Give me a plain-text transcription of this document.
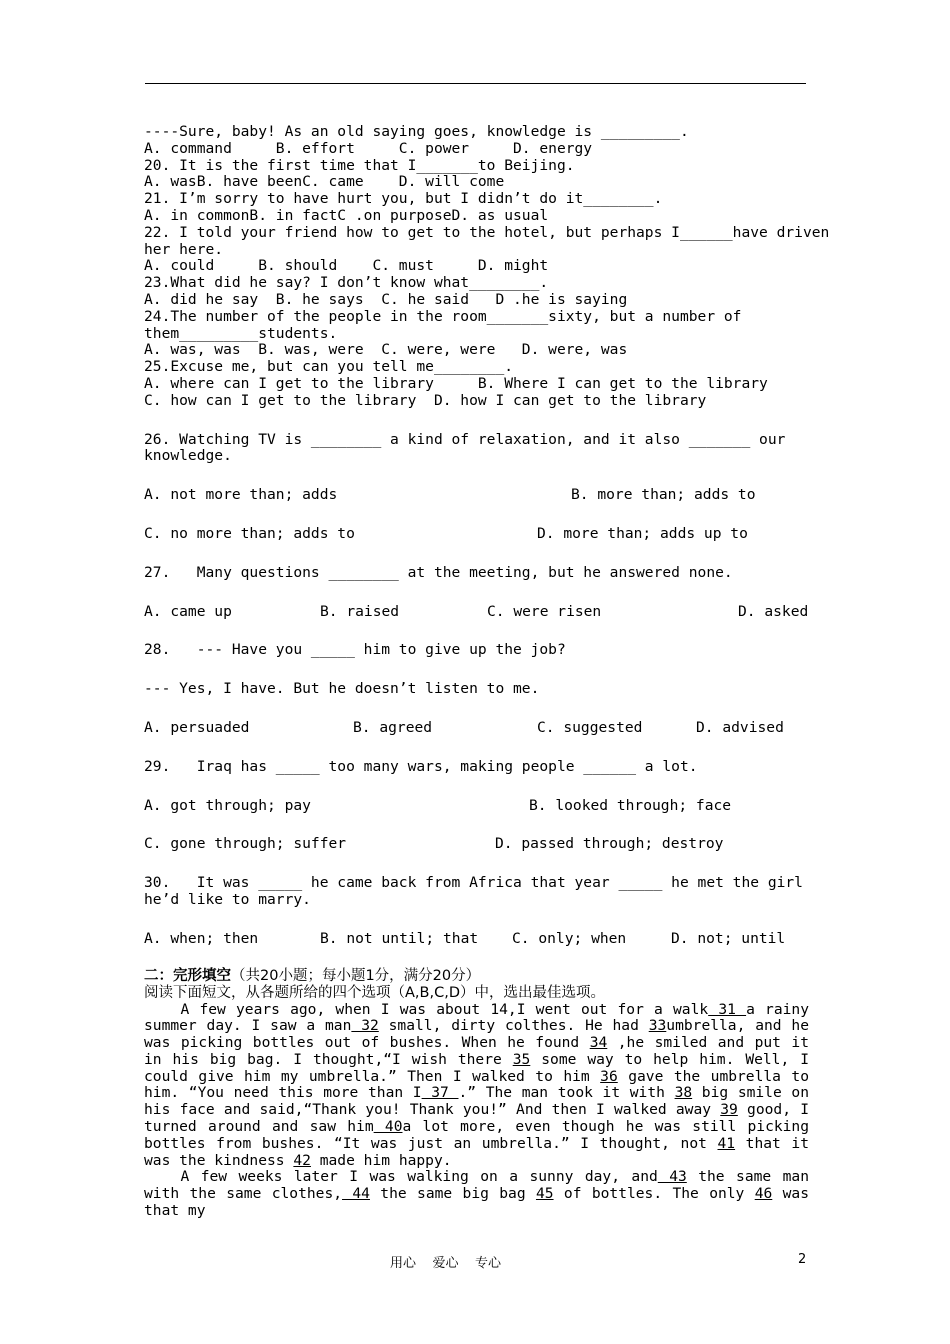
----Sure, baby! As an old saying goes, knowledge is _________.
A. command     B. effort     C. power     D. energy
20. It is the first time that I_______to Beijing.
A. wasB. have beenC. came    D. will come
21. I’m sorry to have hurt you, but I didn’t do it________.
A. in commonB. in factC .on purposeD. as usual
22. I told your friend how to get to the hotel, but perhaps I______have driven
her here.
A. could     B. should    C. must     D. might
23.What did he say? I don’t know what________.
A. did he say  B. he says  C. he said   D .he is saying
24.The number of the people in the room_______sixty, but a number of
them_________students.
A. was, was  B. was, were  C. were, were   D. were, was
25.Excuse me, but can you tell me________.
A. where can I get to the library     B. Where I can get to the library
C. how can I get to the library  D. how I can get to the library
26. Watching TV is ________ a kind of relaxation, and it also _______ our knowledge.
A. not more than; adds	B. more than; adds to
C. no more than; adds to	D. more than; adds up to
27.   Many questions ________ at the meeting, but he answered none.
A. came up	B. raised	C. were risen	D. asked
28.   --- Have you _____ him to give up the job?
--- Yes, I have. But he doesn’t listen to me.
A. persuaded	B. agreed	C. suggested	D. advised
29.   Iraq has _____ too many wars, making people ______ a lot.
A. got through; pay	B. looked through; face
C. gone through; suffer	D. passed through; destroy
30.   It was _____ he came back from Africa that year _____ he met the girl he’d like to marry.
A. when; then	B. not until; that C. only; when	D. not; until
二：完形填空（共20小题；每小题1分，满分20分）
阅读下面短文，从各题所给的四个选项（A,B,C,D）中，选出最佳选项。

A few years ago, when I was about 14,I went out for a walk 31 a rainy summer day. I saw a man 32 small, dirty colthes. He had 33umbrella, and he was picking bottles out of bushes. When he found 34 ,he smiled and put it in his big bag. I thought,“I wish there 35 some way to help him. Well, I could give him my umbrella.” Then I walked to him 36 gave the umbrella to him. “You need this more than I 37 .” The man took it with 38 big smile on his face and said,“Thank you! Thank you!” And then I walked away 39 good, I turned around and saw him 40a lot more, even though he was still picking bottles from bushes. “It was just an umbrella.” I thought, not 41 that it was the kindness 42 made him happy.

A few weeks later I was walking on a sunny day, and 43 the same man with the same clothes, 44 the same big bag 45 of bottles. The only 46 was that my

用心    爱心    专心	2
